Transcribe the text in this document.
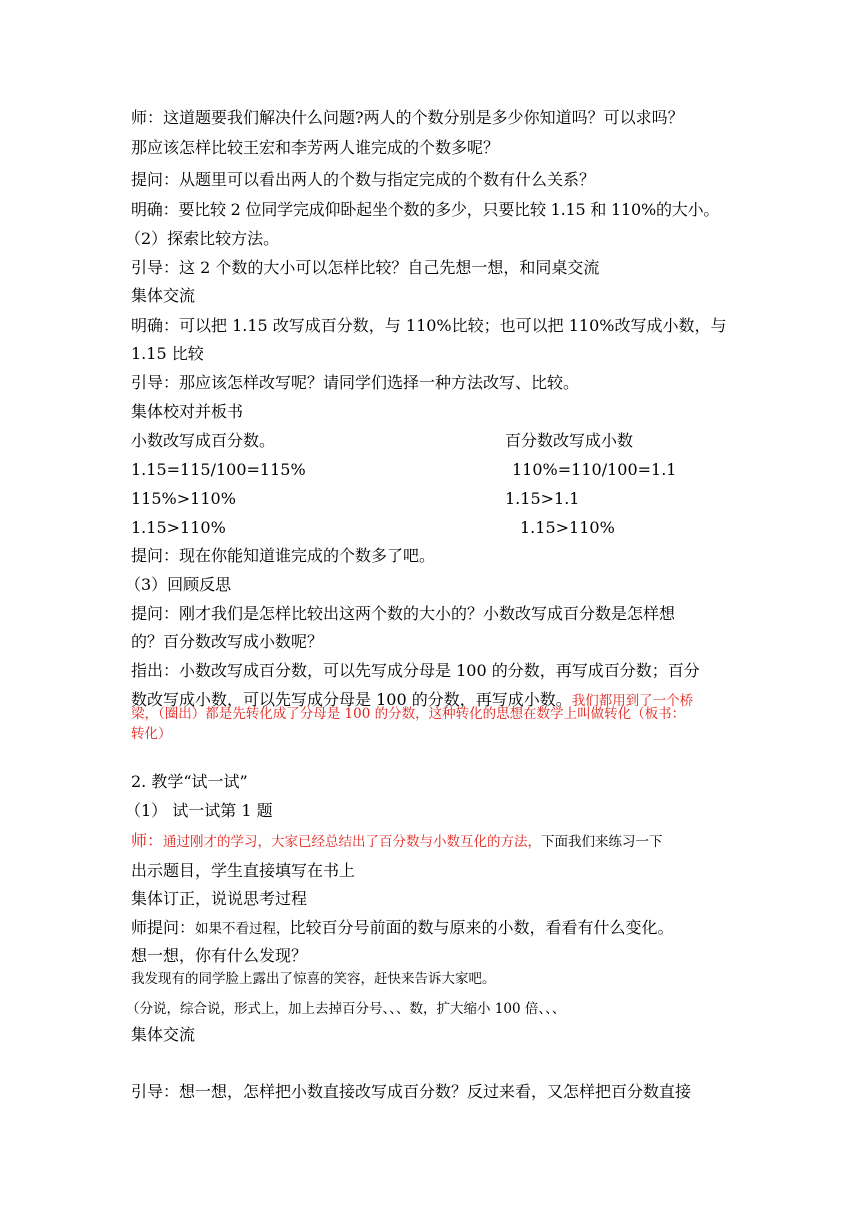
师：这道题要我们解决什么问题?两人的个数分别是多少你知道吗？可以求吗？
那应该怎样比较王宏和李芳两人谁完成的个数多呢？
提问：从题里可以看出两人的个数与指定完成的个数有什么关系？
明确：要比较 2 位同学完成仰卧起坐个数的多少，只要比较 1.15 和 110%的大小。
（2）探索比较方法。
引导：这 2 个数的大小可以怎样比较？自己先想一想，和同桌交流
集体交流
明确：可以把 1.15 改写成百分数，与 110%比较；也可以把 110%改写成小数，与
1.15 比较
引导：那应该怎样改写呢？请同学们选择一种方法改写、比较。
集体校对并板书
小数改写成百分数。	百分数改写成小数
1.15=115/100=115%	110%=110/100=1.1
115%>110%	1.15>1.1
1.15>110%	1.15>110%
提问：现在你能知道谁完成的个数多了吧。
（3）回顾反思
提问：刚才我们是怎样比较出这两个数的大小的？小数改写成百分数是怎样想
的？百分数改写成小数呢？
指出：小数改写成百分数，可以先写成分母是 100 的分数，再写成百分数；百分
数改写成小数，可以先写成分母是 100 的分数，再写成小数。我们都用到了一个桥
梁，（圈出）都是先转化成了分母是 100 的分数，这种转化的思想在数学上叫做转化（板书：
转化）
2. 教学“试一试”
（1） 试一试第 1 题
师：通过刚才的学习，大家已经总结出了百分数与小数互化的方法，下面我们来练习一下
出示题目，学生直接填写在书上
集体订正，说说思考过程
师提问：如果不看过程，比较百分号前面的数与原来的小数，看看有什么变化。
想一想，你有什么发现？
我发现有的同学脸上露出了惊喜的笑容，赶快来告诉大家吧。
（分说，综合说，形式上，加上去掉百分号、、、数，扩大缩小 100 倍、、、
集体交流
引导：想一想，怎样把小数直接改写成百分数？反过来看，又怎样把百分数直接
